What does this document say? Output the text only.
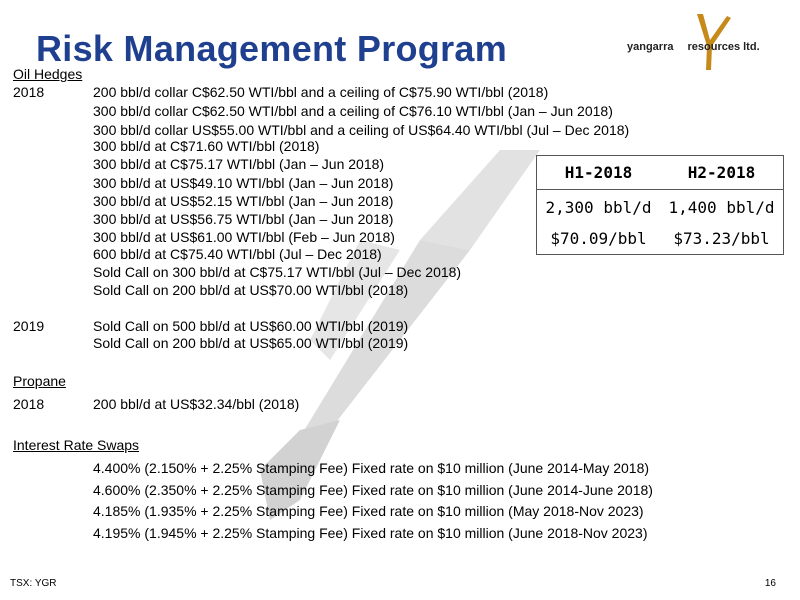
Risk Management Program	yangarra resources ltd.
Oil Hedges
2018	200 bbl/d collar C$62.50 WTI/bbl and a ceiling of C$75.90 WTI/bbl (2018)
300 bbl/d collar C$62.50 WTI/bbl and a ceiling of C$76.10 WTI/bbl (Jan – Jun 2018)
300 bbl/d collar US$55.00 WTI/bbl and a ceiling of US$64.40 WTI/bbl (Jul – Dec 2018)
300 bbl/d at C$71.60 WTI/bbl (2018)
300 bbl/d at C$75.17 WTI/bbl (Jan – Jun 2018)
300 bbl/d at US$49.10 WTI/bbl (Jan – Jun 2018)
300 bbl/d at US$52.15 WTI/bbl (Jan – Jun 2018)
300 bbl/d at US$56.75 WTI/bbl (Jan – Jun 2018)
300 bbl/d at US$61.00 WTI/bbl (Feb – Jun 2018)
600 bbl/d at C$75.40 WTI/bbl (Jul – Dec 2018)
Sold Call on 300 bbl/d at C$75.17 WTI/bbl (Jul – Dec 2018)
Sold Call on 200 bbl/d at US$70.00 WTI/bbl (2018)
2019	Sold Call on 500 bbl/d at US$60.00 WTI/bbl (2019)
Sold Call on 200 bbl/d at US$65.00 WTI/bbl (2019)
H1-2018	H2-2018
2,300 bbl/d	1,400 bbl/d
$70.09/bbl	$73.23/bbl
Propane
2018	200 bbl/d at US$32.34/bbl (2018)
Interest Rate Swaps
4.400% (2.150% + 2.25% Stamping Fee) Fixed rate on $10 million (June 2014-May 2018)
4.600% (2.350% + 2.25% Stamping Fee) Fixed rate on $10 million (June 2014-June 2018)
4.185% (1.935% + 2.25% Stamping Fee) Fixed rate on $10 million (May 2018-Nov 2023)
4.195% (1.945% + 2.25% Stamping Fee) Fixed rate on $10 million (June 2018-Nov 2023)
TSX: YGR	16
